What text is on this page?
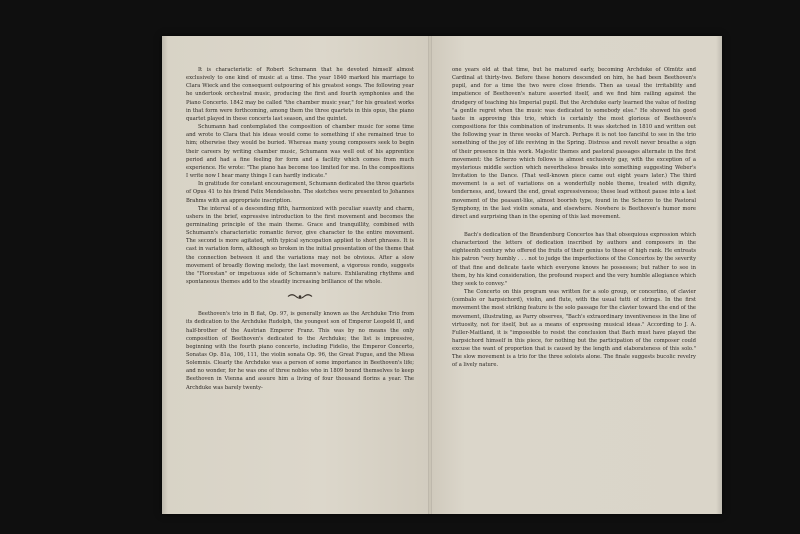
It is characteristic of Robert Schumann that he devoted himself almost exclusively to one kind of music at a time. The year 1840 marked his marriage to Clara Wieck and the consequent outpouring of his greatest songs. The following year he undertook orchestral music, producing the first and fourth symphonies and the Piano Concerto. 1842 may be called "the chamber music year," for his greatest works in that form were forthcoming, among them the three quartets in this opus, the piano quartet played in these concerts last season, and the quintet.

Schumann had contemplated the composition of chamber music for some time and wrote to Clara that his ideas would come to something if she remained true to him; otherwise they would be buried. Whereas many young composers seek to begin their careers by writing chamber music, Schumann was well out of his apprentice period and had a fine feeling for form and a facility which comes from much experience. He wrote: "The piano has become too limited for me. In the compositions I write now I hear many things I can hardly indicate."

In gratitude for constant encouragement, Schumann dedicated the three quartets of Opus 41 to his friend Felix Mendelssohn. The sketches were presented to Johannes Brahms with an appropriate inscription.

The interval of a descending fifth, harmonized with peculiar suavity and charm, ushers in the brief, expressive introduction to the first movement and becomes the germinating principle of the main theme. Grace and tranquillity, combined with Schumann's characteristic romantic fervor, give character to the entire movement. The second is more agitated, with typical syncopation applied to short phrases. It is cast in variation form, although so broken in the initial presentation of the theme that the connection between it and the variations may not be obvious. After a slow movement of broadly flowing melody, the last movement, a vigorous rondo, suggests the "Florestan" or impetuous side of Schumann's nature. Exhilarating rhythms and spontaneous themes add to the steadily increasing brilliance of the whole.

Beethoven's trio in B flat, Op. 97, is generally known as the Archduke Trio from its dedication to the Archduke Rudolph, the youngest son of Emperor Leopold II, and half-brother of the Austrian Emperor Franz. This was by no means the only composition of Beethoven's dedicated to the Archduke; the list is impressive, beginning with the fourth piano concerto, including Fidelio, the Emperor Concerto, Sonatas Op. 81a, 106, 111, the violin sonata Op. 96, the Great Fugue, and the Missa Solemnis. Clearly the Archduke was a person of some importance in Beethoven's life; and no wonder, for he was one of three nobles who in 1809 bound themselves to keep Beethoven in Vienna and assure him a living of four thousand florins a year. The Archduke was barely twenty-

one years old at that time, but he matured early, becoming Archduke of Olmütz and Cardinal at thirty-two. Before these honors descended on him, he had been Beethoven's pupil, and for a time the two were close friends. Then as usual the irritability and impatience of Beethoven's nature asserted itself, and we find him railing against the drudgery of teaching his Imperial pupil. But the Archduke early learned the value of feeling "a gentle regret when the music was dedicated to somebody else." He showed his good taste in approving this trio, which is certainly the most glorious of Beethoven's compositions for this combination of instruments. It was sketched in 1810 and written out the following year in three weeks of March. Perhaps it is not too fanciful to see in the trio something of the joy of life reviving in the Spring. Distress and revolt never breathe a sign of their presence in this work. Majestic themes and pastoral passages alternate in the first movement: the Scherzo which follows is almost exclusively gay, with the exception of a mysterious middle section which nevertheless breaks into something suggesting Weber's Invitation to the Dance. (That well-known piece came out eight years later.) The third movement is a set of variations on a wonderfully noble theme, treated with dignity, tenderness, and, toward the end, great expressiveness; these lead without pause into a last movement of the peasant-like, almost boorish type, found in the Scherzo to the Pastoral Symphony, in the last violin sonata, and elsewhere. Nowhere is Beethoven's humor more direct and surprising than in the opening of this last movement.

Bach's dedication of the Brandenburg Concertos has that obsequious expression which characterized the letters of dedication inscribed by authors and composers in the eighteenth century who offered the fruits of their genius to those of high rank. He entreats his patron "very humbly . . . not to judge the imperfections of the Concertos by the severity of that fine and delicate taste which everyone knows he possesses; but rather to see in them, by his kind consideration, the profound respect and the very humble allegiance which they seek to convey."

The Concerto on this program was written for a solo group, or concertino, of clavier (cembalo or harpsichord), violin, and flute, with the usual tutti of strings. In the first movement the most striking feature is the solo passage for the clavier toward the end of the movement, illustrating, as Parry observes, "Bach's extraordinary inventiveness in the line of virtuosity, not for itself, but as a means of expressing musical ideas." According to J. A. Fuller-Maitland, it is "impossible to resist the conclusion that Bach must have played the harpsichord himself in this piece, for nothing but the participation of the composer could excuse the want of proportion that is caused by the length and elaborateness of this solo." The slow movement is a trio for the three soloists alone. The finale suggests bucolic revelry of a lively nature.
